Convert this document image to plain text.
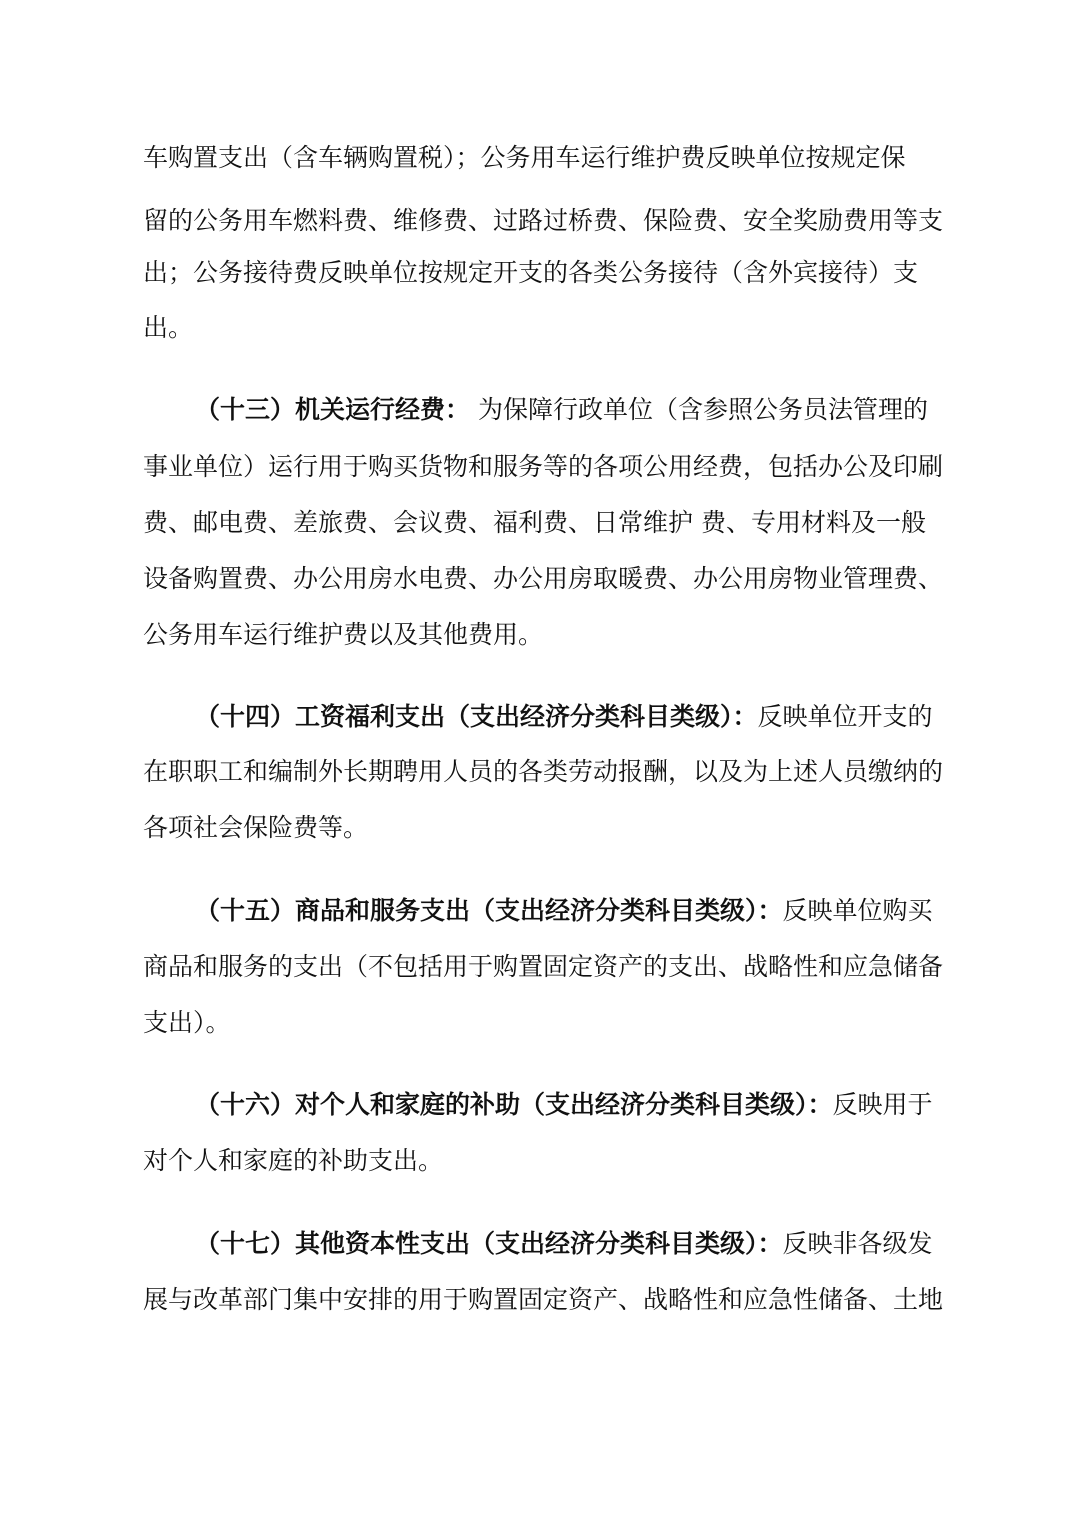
车购置支出（含车辆购置税）；公务用车运行维护费反映单位按规定保
留的公务用车燃料费、维修费、过路过桥费、保险费、安全奖励费用等支
出；公务接待费反映单位按规定开支的各类公务接待（含外宾接待）支
出。
（十三）机关运行经费： 为保障行政单位（含参照公务员法管理的
事业单位）运行用于购买货物和服务等的各项公用经费，包括办公及印刷
费、邮电费、差旅费、会议费、福利费、日常维护 费、专用材料及一般
设备购置费、办公用房水电费、办公用房取暖费、办公用房物业管理费、
公务用车运行维护费以及其他费用。
（十四）工资福利支出（支出经济分类科目类级）：反映单位开支的
在职职工和编制外长期聘用人员的各类劳动报酬，以及为上述人员缴纳的
各项社会保险费等。
（十五）商品和服务支出（支出经济分类科目类级）：反映单位购买
商品和服务的支出（不包括用于购置固定资产的支出、战略性和应急储备
支出）。
（十六）对个人和家庭的补助（支出经济分类科目类级）：反映用于
对个人和家庭的补助支出。
（十七）其他资本性支出（支出经济分类科目类级）：反映非各级发
展与改革部门集中安排的用于购置固定资产、战略性和应急性储备、土地
